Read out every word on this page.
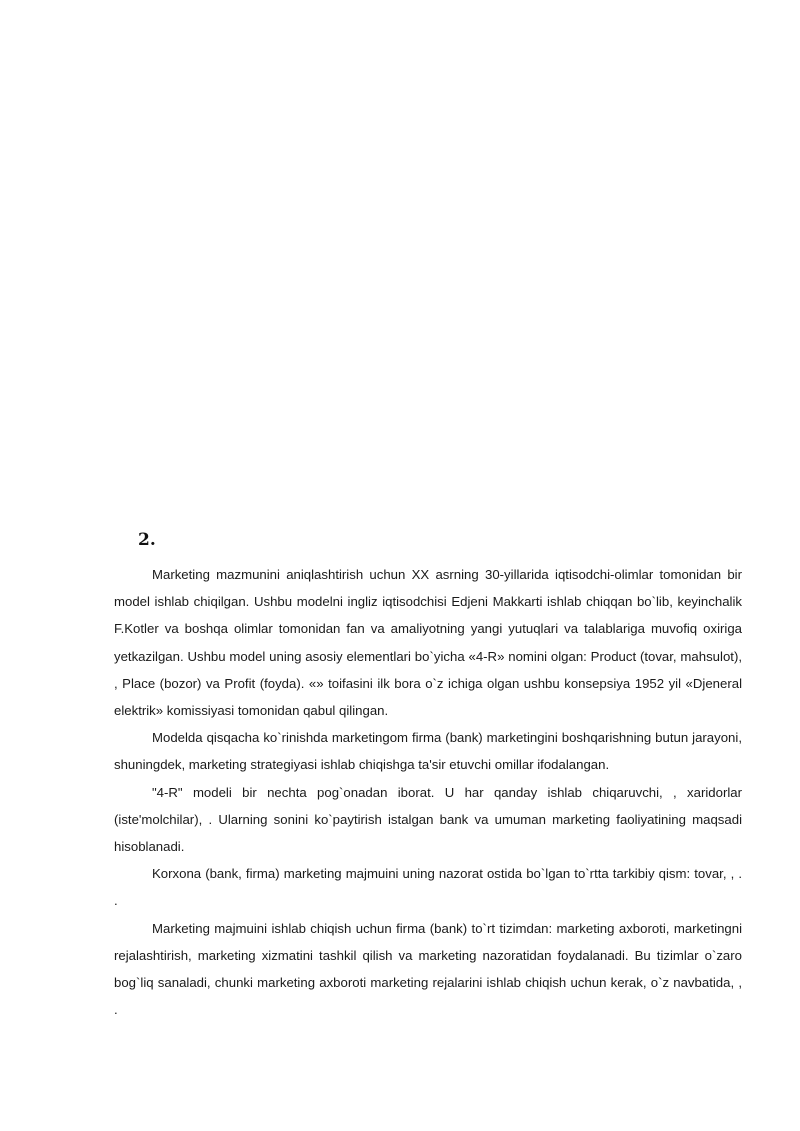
2.

Marketing mazmunini aniqlashtirish uchun XX asrning 30-yillarida iqtisodchi-olimlar tomonidan bir model ishlab chiqilgan. Ushbu modelni ingliz iqtisodchisi Edjeni Makkarti ishlab chiqqan bo`lib, keyinchalik F.Kotler va boshqa olimlar tomonidan fan va amaliyotning yangi yutuqlari va talablariga muvofiq oxiriga yetkazilgan. Ushbu model uning asosiy elementlari bo`yicha «4-R» nomini olgan: Product (tovar, mahsulot), , Place (bozor) va Profit (foyda). «» toifasini ilk bora o`z ichiga olgan ushbu konsepsiya 1952 yil «Djeneral elektrik» komissiyasi tomonidan qabul qilingan.

Modelda qisqacha ko`rinishda marketingom firma (bank) marketingini boshqarishning butun jarayoni, shuningdek, marketing strategiyasi ishlab chiqishga ta'sir etuvchi omillar ifodalangan.

"4-R" modeli bir nechta pog`onadan iborat. U har qanday ishlab chiqaruvchi, , xaridorlar (iste'molchilar), . Ularning sonini ko`paytirish istalgan bank va umuman marketing faoliyatining maqsadi hisoblanadi.

Korxona (bank, firma) marketing majmuini uning nazorat ostida bo`lgan to`rtta tarkibiy qism: tovar, , . .

Marketing majmuini ishlab chiqish uchun firma (bank) to`rt tizimdan: marketing axboroti, marketingni rejalashtirish, marketing xizmatini tashkil qilish va marketing nazoratidan foydalanadi. Bu tizimlar o`zaro bog`liq sanaladi, chunki marketing axboroti marketing rejalarini ishlab chiqish uchun kerak, o`z navbatida, , .
